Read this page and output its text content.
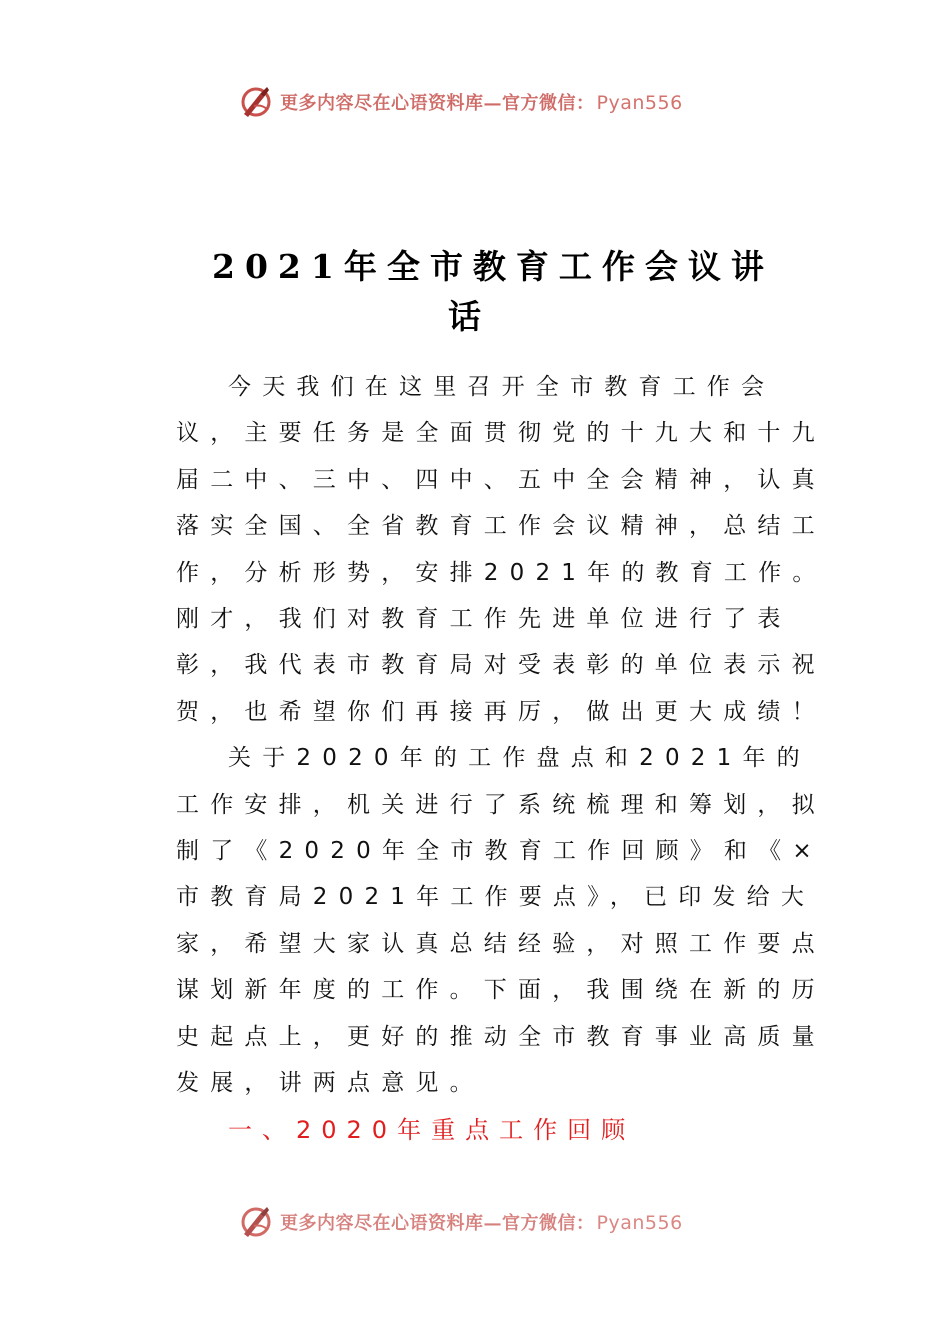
更多内容尽在心语资料库—官方微信： Pyan556
2021年全市教育工作会议讲
话

今天我们在这里召开全市教育工作会议，主要任务是全面贯彻党的十九大和十九届二中、三中、四中、五中全会精神，认真落实全国、全省教育工作会议精神，总结工作，分析形势，安排2021年的教育工作。刚才，我们对教育工作先进单位进行了表彰，我代表市教育局对受表彰的单位表示祝贺，也希望你们再接再厉，做出更大成绩！

关于2020年的工作盘点和2021年的工作安排，机关进行了系统梳理和筹划，拟制了《2020年全市教育工作回顾》和《×市教育局2021年工作要点》，已印发给大家，希望大家认真总结经验，对照工作要点谋划新年度的工作。下面，我围绕在新的历史起点上，更好的推动全市教育事业高质量发展，讲两点意见。

一、2020年重点工作回顾

更多内容尽在心语资料库—官方微信： Pyan556
